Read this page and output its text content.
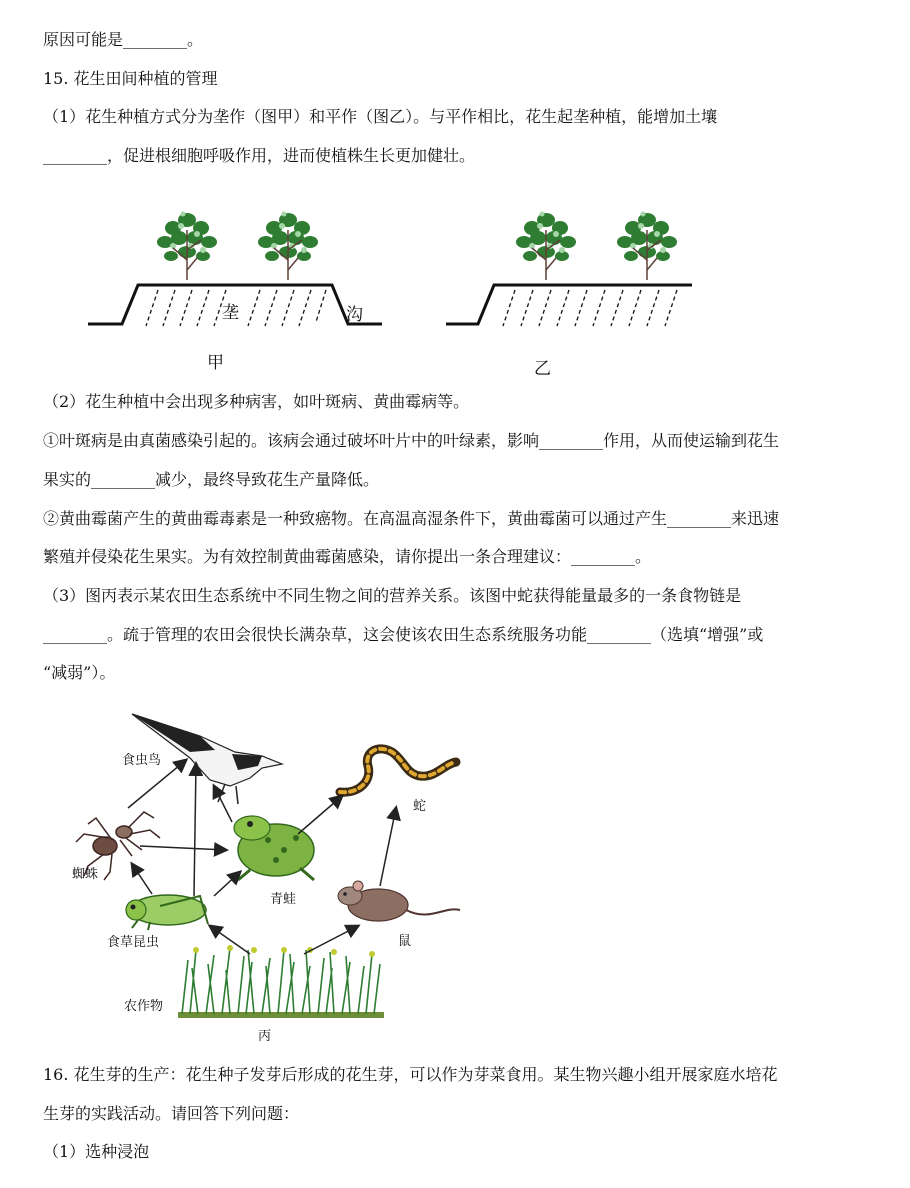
原因可能是________。
15. 花生田间种植的管理
（1）花生种植方式分为垄作（图甲）和平作（图乙）。与平作相比，花生起垄种植，能增加土壤
________，促进根细胞呼吸作用，进而使植株生长更加健壮。
垄	沟
甲	乙
（2）花生种植中会出现多种病害，如叶斑病、黄曲霉病等。
①叶斑病是由真菌感染引起的。该病会通过破坏叶片中的叶绿素，影响________作用，从而使运输到花生
果实的________减少，最终导致花生产量降低。
②黄曲霉菌产生的黄曲霉毒素是一种致癌物。在高温高湿条件下，黄曲霉菌可以通过产生________来迅速
繁殖并侵染花生果实。为有效控制黄曲霉菌感染，请你提出一条合理建议：________。
（3）图丙表示某农田生态系统中不同生物之间的营养关系。该图中蛇获得能量最多的一条食物链是
________。疏于管理的农田会很快长满杂草，这会使该农田生态系统服务功能________（选填“增强”或
“减弱”）。
食虫鸟
蛇
蜘蛛
青蛙
食草昆虫	鼠
农作物
丙
16. 花生芽的生产：花生种子发芽后形成的花生芽，可以作为芽菜食用。某生物兴趣小组开展家庭水培花
生芽的实践活动。请回答下列问题：
（1）选种浸泡
